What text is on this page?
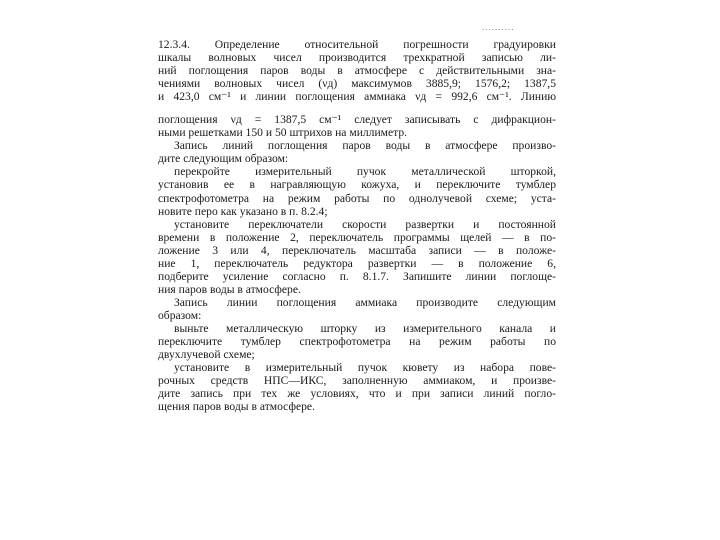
..........
12.3.4. Определение относительной погрешности градуировки
шкалы волновых чисел производится трехкратной записью ли-
ний поглощения паров воды в атмосфере с действительными зна-
чениями волновых чисел (νд) максимумов 3885,9; 1576,2; 1387,5
и 423,0 см⁻¹ и линии поглощения аммиака νд = 992,6 см⁻¹. Линию
поглощения νд = 1387,5 см⁻¹ следует записывать с дифракцион-
ными решетками 150 и 50 штрихов на миллиметр.
Запись линий поглощения паров воды в атмосфере произво-
дите следующим образом:
перекройте измерительный пучок металлической шторкой,
установив ее в награвляющую кожуха, и переключите тумблер
спектрофотометра на режим работы по однолучевой схеме; уста-
новите перо как указано в п. 8.2.4;
установите переключатели скорости развертки и постоянной
времени в положение 2, переключатель программы щелей — в по-
ложение 3 или 4, переключатель масштаба записи — в положе-
ние 1, переключатель редуктора развертки — в положение 6,
подберите усиление согласно п. 8.1.7. Запишите линии поглоще-
ния паров воды в атмосфере.
Запись линии поглощения аммиака производите следующим
образом:
выньте металлическую шторку из измерительного канала и
переключите тумблер спектрофотометра на режим работы по
двухлучевой схеме;
установите в измерительный пучок кювету из набора пове-
рочных средств НПС—ИКС, заполненную аммиаком, и произве-
дите запись при тех же условиях, что и при записи линий погло-
щения паров воды в атмосфере.
